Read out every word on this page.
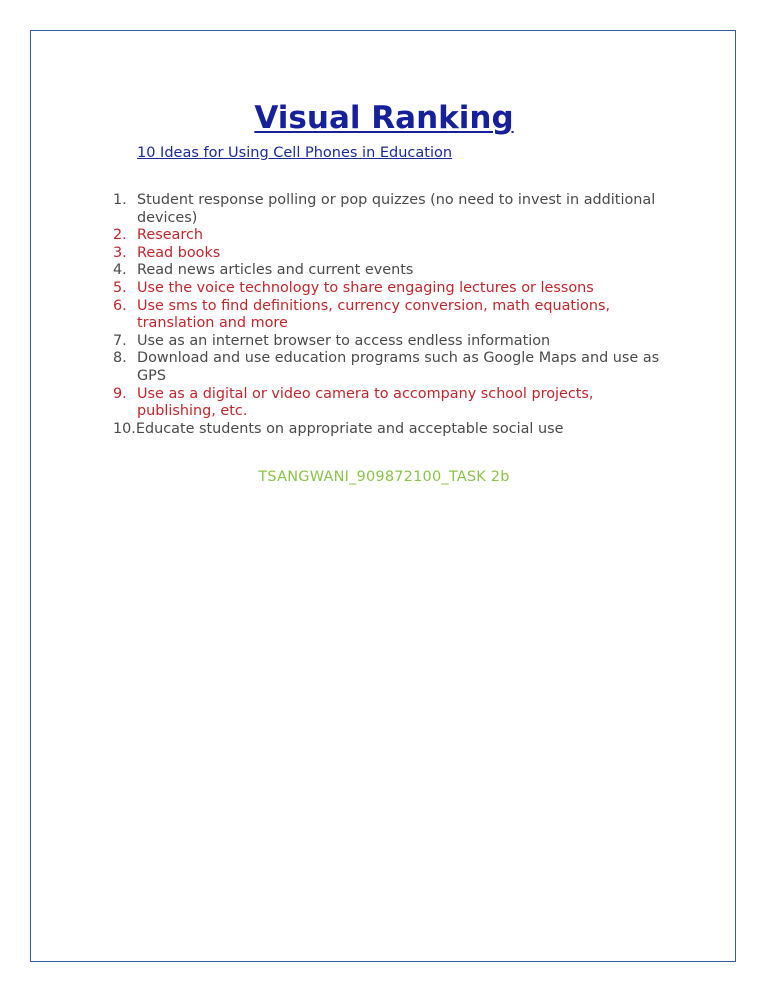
Visual Ranking
10 Ideas for Using Cell Phones in Education
1. Student response polling or pop quizzes (no need to invest in additional devices)
2. Research
3. Read books
4. Read news articles and current events
5. Use the voice technology to share engaging lectures or lessons
6. Use sms to find definitions, currency conversion, math equations, translation and more
7. Use as an internet browser to access endless information
8. Download and use education programs such as Google Maps and use as GPS
9. Use as a digital or video camera to accompany school projects, publishing, etc.
10.Educate students on appropriate and acceptable social use
TSANGWANI_909872100_TASK 2b
